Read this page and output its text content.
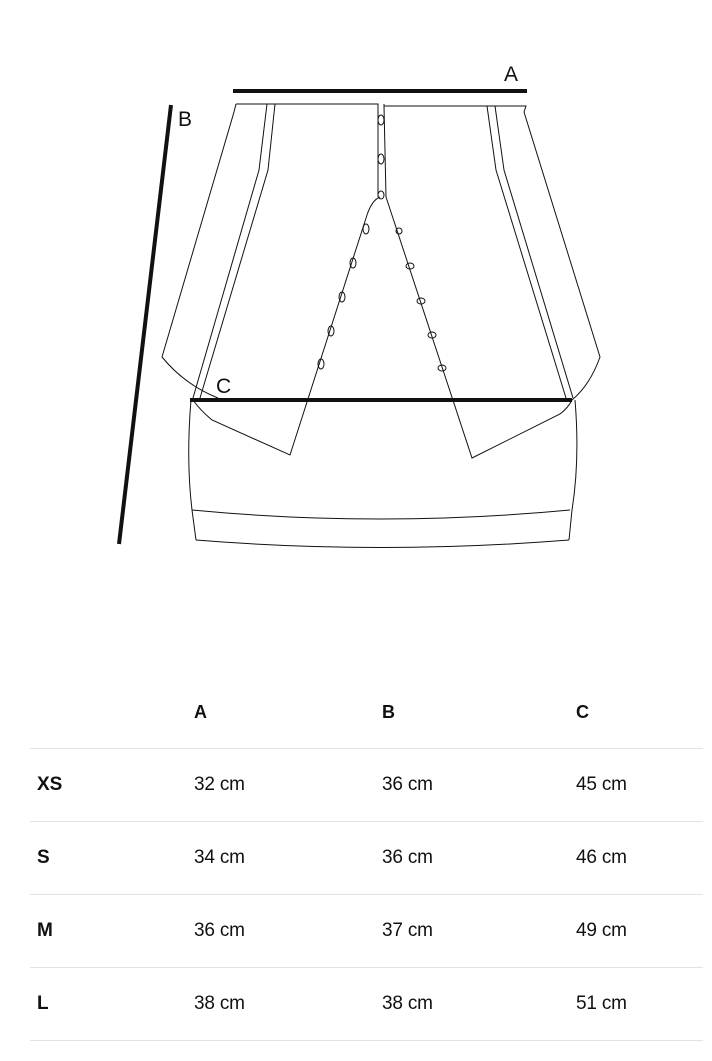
A
B
C
	A	B	C
XS	32 cm	36 cm	45 cm
S	34 cm	36 cm	46 cm
M	36 cm	37 cm	49 cm
L	38 cm	38 cm	51 cm
